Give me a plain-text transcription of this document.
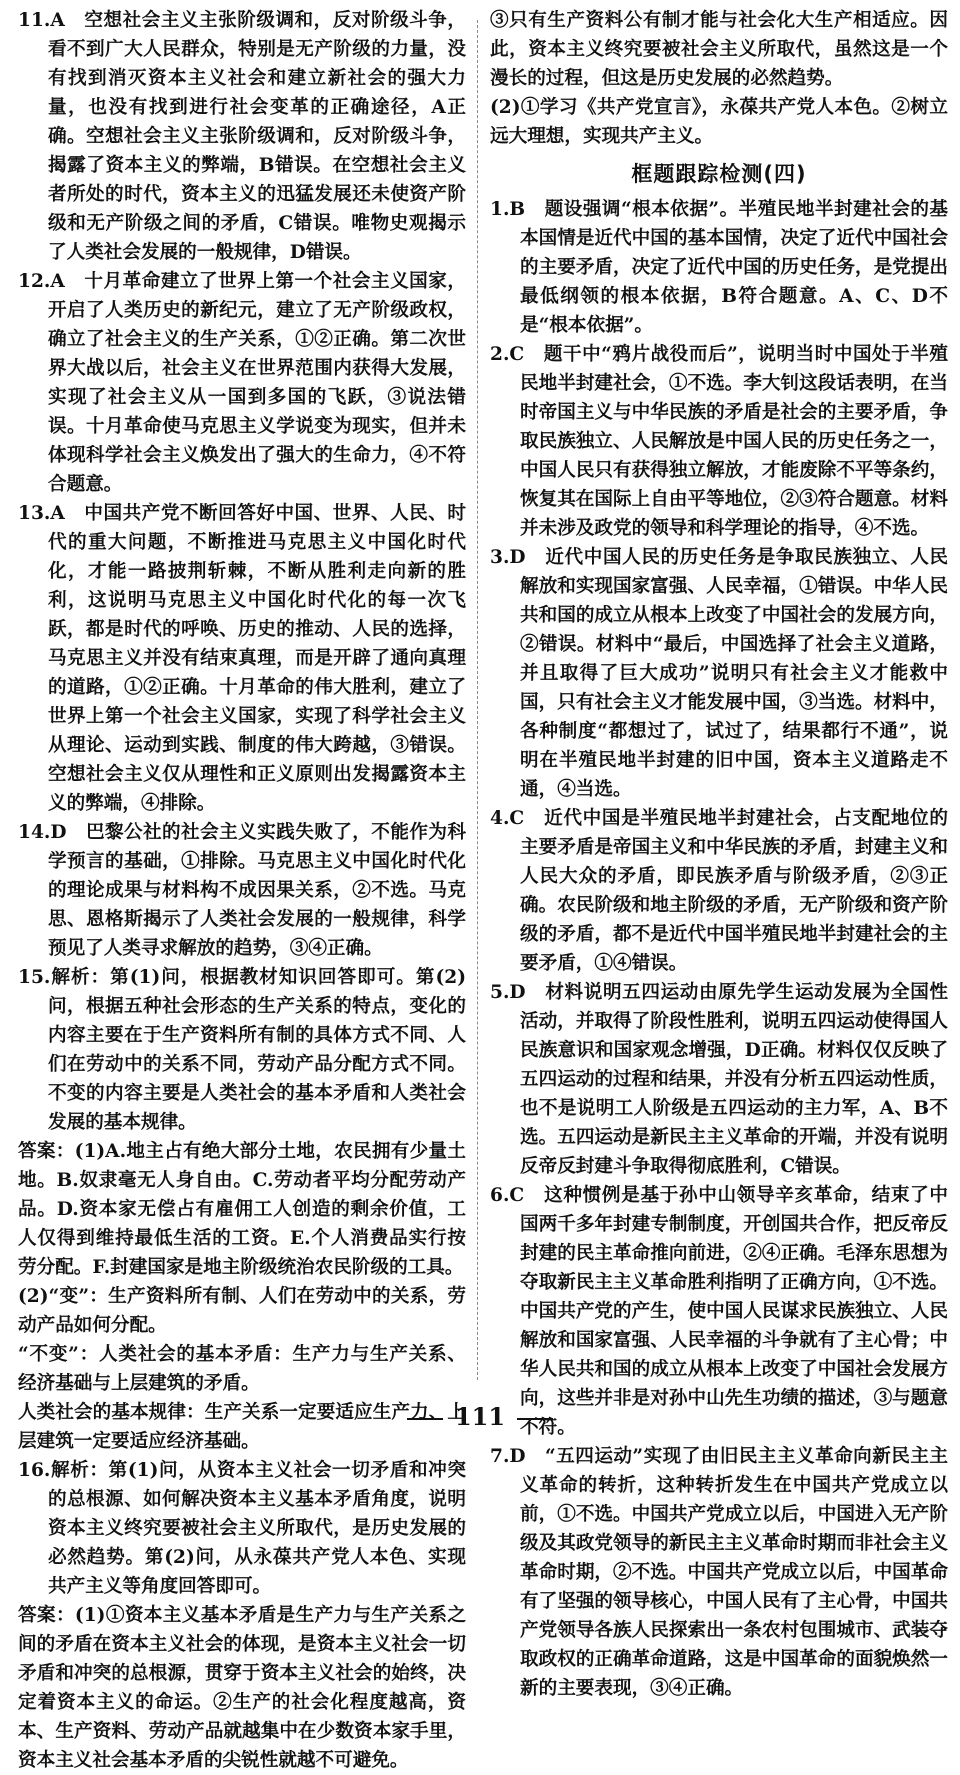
11.A　空想社会主义主张阶级调和，反对阶级斗争，看不到广大人民群众，特别是无产阶级的力量，没有找到消灭资本主义社会和建立新社会的强大力量，也没有找到进行社会变革的正确途径，A正确。空想社会主义主张阶级调和，反对阶级斗争，揭露了资本主义的弊端，B错误。在空想社会主义者所处的时代，资本主义的迅猛发展还未使资产阶级和无产阶级之间的矛盾，C错误。唯物史观揭示了人类社会发展的一般规律，D错误。

12.A　十月革命建立了世界上第一个社会主义国家，开启了人类历史的新纪元，建立了无产阶级政权，确立了社会主义的生产关系，①②正确。第二次世界大战以后，社会主义在世界范围内获得大发展，实现了社会主义从一国到多国的飞跃，③说法错误。十月革命使马克思主义学说变为现实，但并未体现科学社会主义焕发出了强大的生命力，④不符合题意。

13.A　中国共产党不断回答好中国、世界、人民、时代的重大问题，不断推进马克思主义中国化时代化，才能一路披荆斩棘，不断从胜利走向新的胜利，这说明马克思主义中国化时代化的每一次飞跃，都是时代的呼唤、历史的推动、人民的选择，马克思主义并没有结束真理，而是开辟了通向真理的道路，①②正确。十月革命的伟大胜利，建立了世界上第一个社会主义国家，实现了科学社会主义从理论、运动到实践、制度的伟大跨越，③错误。空想社会主义仅从理性和正义原则出发揭露资本主义的弊端，④排除。

14.D　巴黎公社的社会主义实践失败了，不能作为科学预言的基础，①排除。马克思主义中国化时代化的理论成果与材料构不成因果关系，②不选。马克思、恩格斯揭示了人类社会发展的一般规律，科学预见了人类寻求解放的趋势，③④正确。

15.解析：第(1)问，根据教材知识回答即可。第(2)问，根据五种社会形态的生产关系的特点，变化的内容主要在于生产资料所有制的具体方式不同、人们在劳动中的关系不同，劳动产品分配方式不同。不变的内容主要是人类社会的基本矛盾和人类社会发展的基本规律。

答案：(1)A.地主占有绝大部分土地，农民拥有少量土地。B.奴隶毫无人身自由。C.劳动者平均分配劳动产品。D.资本家无偿占有雇佣工人创造的剩余价值，工人仅得到维持最低生活的工资。E.个人消费品实行按劳分配。F.封建国家是地主阶级统治农民阶级的工具。

(2)“变”：生产资料所有制、人们在劳动中的关系，劳动产品如何分配。

“不变”：人类社会的基本矛盾：生产力与生产关系、经济基础与上层建筑的矛盾。

人类社会的基本规律：生产关系一定要适应生产力、上层建筑一定要适应经济基础。

16.解析：第(1)问，从资本主义社会一切矛盾和冲突的总根源、如何解决资本主义基本矛盾角度，说明资本主义终究要被社会主义所取代，是历史发展的必然趋势。第(2)问，从永葆共产党人本色、实现共产主义等角度回答即可。

答案：(1)①资本主义基本矛盾是生产力与生产关系之间的矛盾在资本主义社会的体现，是资本主义社会一切矛盾和冲突的总根源，贯穿于资本主义社会的始终，决定着资本主义的命运。②生产的社会化程度越高，资本、生产资料、劳动产品就越集中在少数资本家手里，资本主义社会基本矛盾的尖锐性就越不可避免。

③只有生产资料公有制才能与社会化大生产相适应。因此，资本主义终究要被社会主义所取代，虽然这是一个漫长的过程，但这是历史发展的必然趋势。

(2)①学习《共产党宣言》，永葆共产党人本色。②树立远大理想，实现共产主义。

框题跟踪检测(四)

1.B　题设强调“根本依据”。半殖民地半封建社会的基本国情是近代中国的基本国情，决定了近代中国社会的主要矛盾，决定了近代中国的历史任务，是党提出最低纲领的根本依据，B符合题意。A、C、D不是“根本依据”。

2.C　题干中“鸦片战役而后”，说明当时中国处于半殖民地半封建社会，①不选。李大钊这段话表明，在当时帝国主义与中华民族的矛盾是社会的主要矛盾，争取民族独立、人民解放是中国人民的历史任务之一，中国人民只有获得独立解放，才能废除不平等条约，恢复其在国际上自由平等地位，②③符合题意。材料并未涉及政党的领导和科学理论的指导，④不选。

3.D　近代中国人民的历史任务是争取民族独立、人民解放和实现国家富强、人民幸福，①错误。中华人民共和国的成立从根本上改变了中国社会的发展方向，②错误。材料中“最后，中国选择了社会主义道路，并且取得了巨大成功”说明只有社会主义才能救中国，只有社会主义才能发展中国，③当选。材料中，各种制度“都想过了，试过了，结果都行不通”，说明在半殖民地半封建的旧中国，资本主义道路走不通，④当选。

4.C　近代中国是半殖民地半封建社会，占支配地位的主要矛盾是帝国主义和中华民族的矛盾，封建主义和人民大众的矛盾，即民族矛盾与阶级矛盾，②③正确。农民阶级和地主阶级的矛盾，无产阶级和资产阶级的矛盾，都不是近代中国半殖民地半封建社会的主要矛盾，①④错误。

5.D　材料说明五四运动由原先学生运动发展为全国性活动，并取得了阶段性胜利，说明五四运动使得国人民族意识和国家观念增强，D正确。材料仅仅反映了五四运动的过程和结果，并没有分析五四运动性质，也不是说明工人阶级是五四运动的主力军，A、B不选。五四运动是新民主主义革命的开端，并没有说明反帝反封建斗争取得彻底胜利，C错误。

6.C　这种惯例是基于孙中山领导辛亥革命，结束了中国两千多年封建专制制度，开创国共合作，把反帝反封建的民主革命推向前进，②④正确。毛泽东思想为夺取新民主主义革命胜利指明了正确方向，①不选。中国共产党的产生，使中国人民谋求民族独立、人民解放和国家富强、人民幸福的斗争就有了主心骨；中华人民共和国的成立从根本上改变了中国社会发展方向，这些并非是对孙中山先生功绩的描述，③与题意不符。

7.D　“五四运动”实现了由旧民主主义革命向新民主主义革命的转折，这种转折发生在中国共产党成立以前，①不选。中国共产党成立以后，中国进入无产阶级及其政党领导的新民主主义革命时期而非社会主义革命时期，②不选。中国共产党成立以后，中国革命有了坚强的领导核心，中国人民有了主心骨，中国共产党领导各族人民探索出一条农村包围城市、武装夺取政权的正确革命道路，这是中国革命的面貌焕然一新的主要表现，③④正确。

111
